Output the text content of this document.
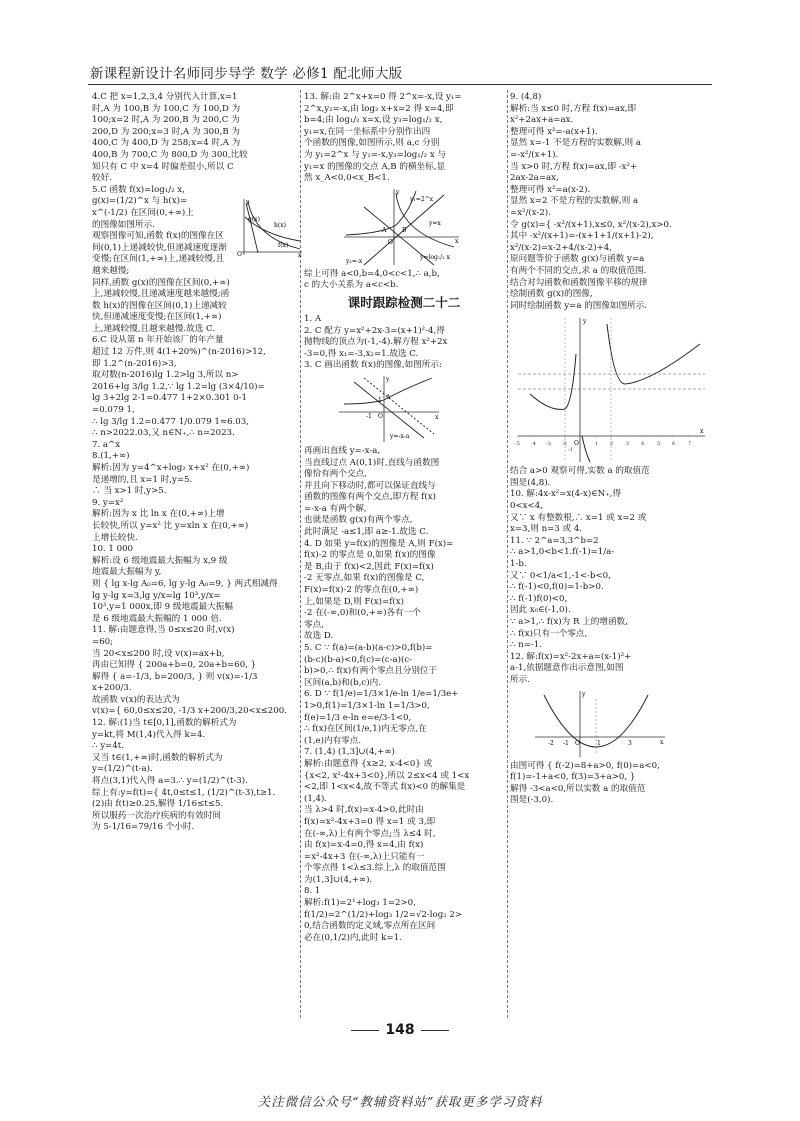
新课程新设计名师同步导学 数学 必修1 配北师大版

4.C 把 x=1,2,3,4 分别代入计算,x=1

时,A 为 100,B 为 100,C 为 100,D 为

100;x=2 时,A 为 200,B 为 200,C 为

200,D 为 200;x=3 时,A 为 300,B 为

400,C 为 400,D 为 258;x=4 时,A 为

400,B 为 700,C 为 800,D 为 300,比较

知只有 C 中 x=4 时偏差很小,所以 C

较好.

5.C 函数 f(x)=log₁/₂ x,

g(x)=(1/2)^x 与 h(x)=

x^(-1/2) 在区间(0,+∞)上

的图像如图所示.

观察图像可知,函数 f(x)的图像在区

间(0,1)上递减较快,但递减速度逐渐

变慢;在区间(1,+∞)上,递减较慢,且

越来越慢;

同样,函数 g(x)的图像在区间(0,+∞)

上,递减较慢,且递减速度越来越慢;函

数 h(x)的图像在区间(0,1)上递减较

快,但递减速度变慢;在区间(1,+∞)

上,递减较慢,且越来越慢.故选 C.

6.C 设从第 n 年开始该厂的年产量

超过 12 万件,则 4(1+20%)^(n-2016)>12,

即 1.2^(n-2016)>3,

取对数(n-2016)lg 1.2>lg 3,所以 n>

2016+lg 3/lg 1.2,∵ lg 1.2=lg (3×4/10)=

lg 3+2lg 2-1=0.477 1+2×0.301 0-1

=0.079 1,

∴ lg 3/lg 1.2=0.477 1/0.079 1≈6.03,

∴ n>2022.03,又 n∈N₊,∴ n=2023.

7. a^x

8.(1,+∞)

解析:因为 y=4^x+log₂ x+x² 在(0,+∞)

是递增的,且 x=1 时,y=5.

∴ 当 x>1 时,y>5.

9. y=x²

解析:因为 x 比 ln x 在(0,+∞)上增

长较快,所以 y=x² 比 y=xln x 在(0,+∞)

上增长较快.

10. 1 000

解析:设 6 级地震最大振幅为 x,9 级

地震最大振幅为 y,

则 { lg x-lg A₀=6, lg y-lg A₀=9, } 两式相减得

lg y-lg x=3,lg y/x=lg 10³,y/x=

10³,y=1 000x,即 9 级地震最大振幅

是 6 级地震最大振幅的 1 000 倍.

11. 解:由题意得,当 0≤x≤20 时,v(x)

=60;

当 20<x≤200 时,设 v(x)=ax+b,

再由已知得 { 200a+b=0, 20a+b=60, }

解得 { a=-1/3, b=200/3, } 则 v(x)=-1/3 x+200/3.

故函数 v(x)的表达式为

v(x)={ 60,0≤x≤20, -1/3 x+200/3,20<x≤200.

12. 解:(1)当 t∈[0,1],函数的解析式为

y=kt,将 M(1,4)代入得 k=4.

∴ y=4t.

又当 t∈(1,+∞)时,函数的解析式为

y=(1/2)^(t-a).

将点(3,1)代入得 a=3.∴ y=(1/2)^(t-3).

综上有:y=f(t)={ 4t,0≤t≤1, (1/2)^(t-3),t≥1.

(2)由 f(t)≥0.25,解得 1/16≤t≤5.

所以服药一次治疗疾病的有效时间

为 5-1/16=79/16 个小时.

h(x)
g(x)
f(x)
O	x
y

13. 解:由 2^x+x=0 得 2^x=-x,设 y₁=

2^x,y₂=-x,由 log₂ x+x=2 得 x=4,即

b=4;由 log₁/₂ x=x,设 y₃=log₁/₂ x,

y₁=x,在同一坐标系中分别作出四

个函数的图像,如图所示,则 a,c 分别

为 y₁=2^x 与 y₂=-x,y₃=log₁/₂ x 与

y₁=x 的图像的交点 A,B 的横坐标,显

然 x_A<0,0<x_B<1.

y₁=2^x
y=x
y₂=-x
y=log₁/₂ x
A	B
x
y
O

综上可得 a<0,b=4,0<c<1,∴ a,b,

c 的大小关系为 a<c<b.

课时跟踪检测二十二

1. A

2. C 配方 y=x²+2x-3=(x+1)²-4,得

抛物线的顶点为(-1,-4).解方程 x²+2x

-3=0,得 x₁=-3,x₂=1.故选 C.

3. C 画出函数 f(x)的图像,如图所示:

A
y=-x-a
O
1
-1	x
y

再画出直线 y=-x-a,

当直线过点 A(0,1)时,直线与函数图

像恰有两个交点,

并且向下移动时,都可以保证直线与

函数的图像有两个交点,即方程 f(x)

=-x-a 有两个解,

也就是函数 g(x)有两个零点,

此时满足 -a≤1,即 a≥-1.故选 C.

4. D 如果 y=f(x)的图像是 A,则 F(x)=

f(x)-2 的零点是 0,如果 f(x)的图像

是 B,由于 f(x)<2,因此 F(x)=f(x)

-2 无零点,如果 f(x)的图像是 C,

F(x)=f(x)-2 的零点在(0,+∞)

上,如果是 D,则 F(x)=f(x)

-2 在(-∞,0)和(0,+∞)各有一个

零点,

故选 D.

5. C ∵ f(a)=(a-b)(a-c)>0,f(b)=

(b-c)(b-a)<0,f(c)=(c-a)(c-

b)>0,∴ f(x)有两个零点且分别位于

区间(a,b)和(b,c)内.

6. D ∵ f(1/e)=1/3×1/e-ln 1/e=1/3e+

1>0,f(1)=1/3×1-ln 1=1/3>0,

f(e)=1/3 e-ln e=e/3-1<0,

∴ f(x)在区间(1/e,1)内无零点,在

(1,e)内有零点.

7. (1,4) (1,3]∪(4,+∞)

解析:由题意得 {x≥2, x-4<0} 或

{x<2, x²-4x+3<0},所以 2≤x<4 或 1<x

<2,即 1<x<4,故不等式 f(x)<0 的解集是

(1,4).

当 λ>4 时,f(x)=x-4>0,此时由

f(x)=x²-4x+3=0 得 x=1 或 3,即

在(-∞,λ)上有两个零点;当 λ≤4 时,

由 f(x)=x-4=0,得 x=4,由 f(x)

=x²-4x+3 在(-∞,λ)上只能有一

个零点得 1<λ≤3.综上,λ 的取值范围

为(1,3]∪(4,+∞).

8. 1

解析:f(1)=2¹+log₃ 1=2>0,

f(1/2)=2^(1/2)+log₃ 1/2=√2-log₂ 2>

0,结合函数的定义域,零点所在区间

必在(0,1/2)内,此时 k=1.

9. (4,8)

解析:当 x≤0 时,方程 f(x)=ax,即

x²+2ax+a=ax.

整理可得 x²=-a(x+1).

显然 x=-1 不是方程的实数解,则 a

=-x²/(x+1).

当 x>0 时,方程 f(x)=ax,即 -x²+

2ax-2a=ax,

整理可得 x²=a(x-2).

显然 x=2 不是方程的实数解,则 a

=x²/(x-2).

令 g(x)={ -x²/(x+1),x≤0, x²/(x-2),x>0.

其中 -x²/(x+1)=-(x+1+1/(x+1)-2),

x²/(x-2)=x-2+4/(x-2)+4,

原问题等价于函数 g(x)与函数 y=a

有两个不同的交点,求 a 的取值范围.

结合对勾函数和函数图像平移的规律

绘制函数 g(x)的图像,

同时绘制函数 y=a 的图像如图所示.

x
y
O
-5 -4 -3 -2
-1
1 2	3 4	5 6	7

结合 a>0 观察可得,实数 a 的取值范

围是(4,8).

10. 解:4x-x²=x(4-x)∈N₊,得

0<x<4,

又∵ x 有整数根,∴ x=1 或 x=2 或

x=3,则 n=3 或 4.

11. ∵ 2^a=3,3^b=2

∴ a>1,0<b<1.f(-1)=1/a-

1-b.

又∵ 0<1/a<1,-1<-b<0,

∴ f(-1)<0,f(0)=1-b>0.

∴ f(-1)f(0)<0,

因此 x₀∈(-1,0).

∵ a>1,∴ f(x)为 R 上的增函数,

∴ f(x)只有一个零点,

∴ n=-1.

12. 解:f(x)=x²-2x+a=(x-1)²+

a-1,依据题意作出示意图,如图

所示.

-2 -1 O	1	3	x
y

由图可得 { f(-2)=8+a>0, f(0)=a<0, f(1)=-1+a<0, f(3)=3+a>0, }

解得 -3<a<0,所以实数 a 的取值范

围是(-3,0).

148
关注微信公众号“教辅资料站”获取更多学习资料
